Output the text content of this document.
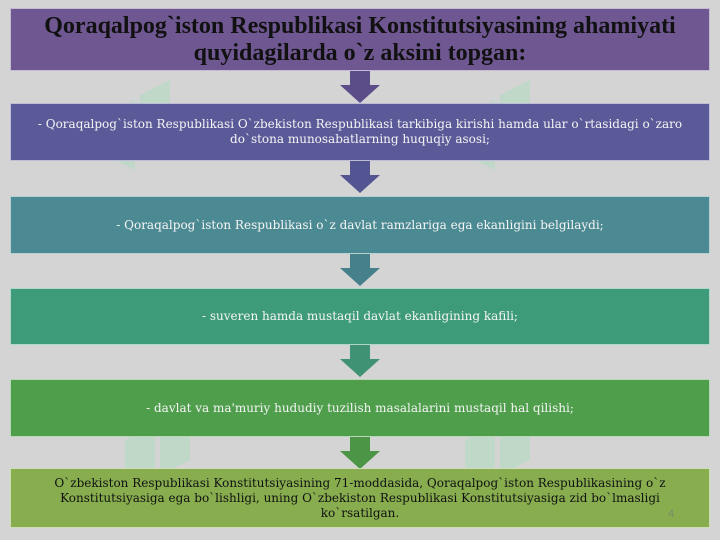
Qoraqalpog`iston Respublikasi Konstitutsiyasining ahamiyati quyidagilarda o`z aksini topgan:
- Qoraqalpog`iston Respublikasi O`zbekiston Respublikasi tarkibiga kirishi hamda ular o`rtasidagi o`zaro do`stona munosabatlarning huquqiy asosi;
- Qoraqalpog`iston Respublikasi o`z davlat ramzlariga ega ekanligini belgilaydi;
- suveren hamda mustaqil davlat ekanligining kafili;
- davlat va ma'muriy hududiy tuzilish masalalarini mustaqil hal qilishi;
O`zbekiston Respublikasi Konstitutsiyasining 71-moddasida, Qoraqalpog`iston Respublikasining o`z Konstitutsiyasiga ega bo`lishligi, uning O`zbekiston Respublikasi Konstitutsiyasiga zid bo`lmasligi ko`rsatilgan.	4
